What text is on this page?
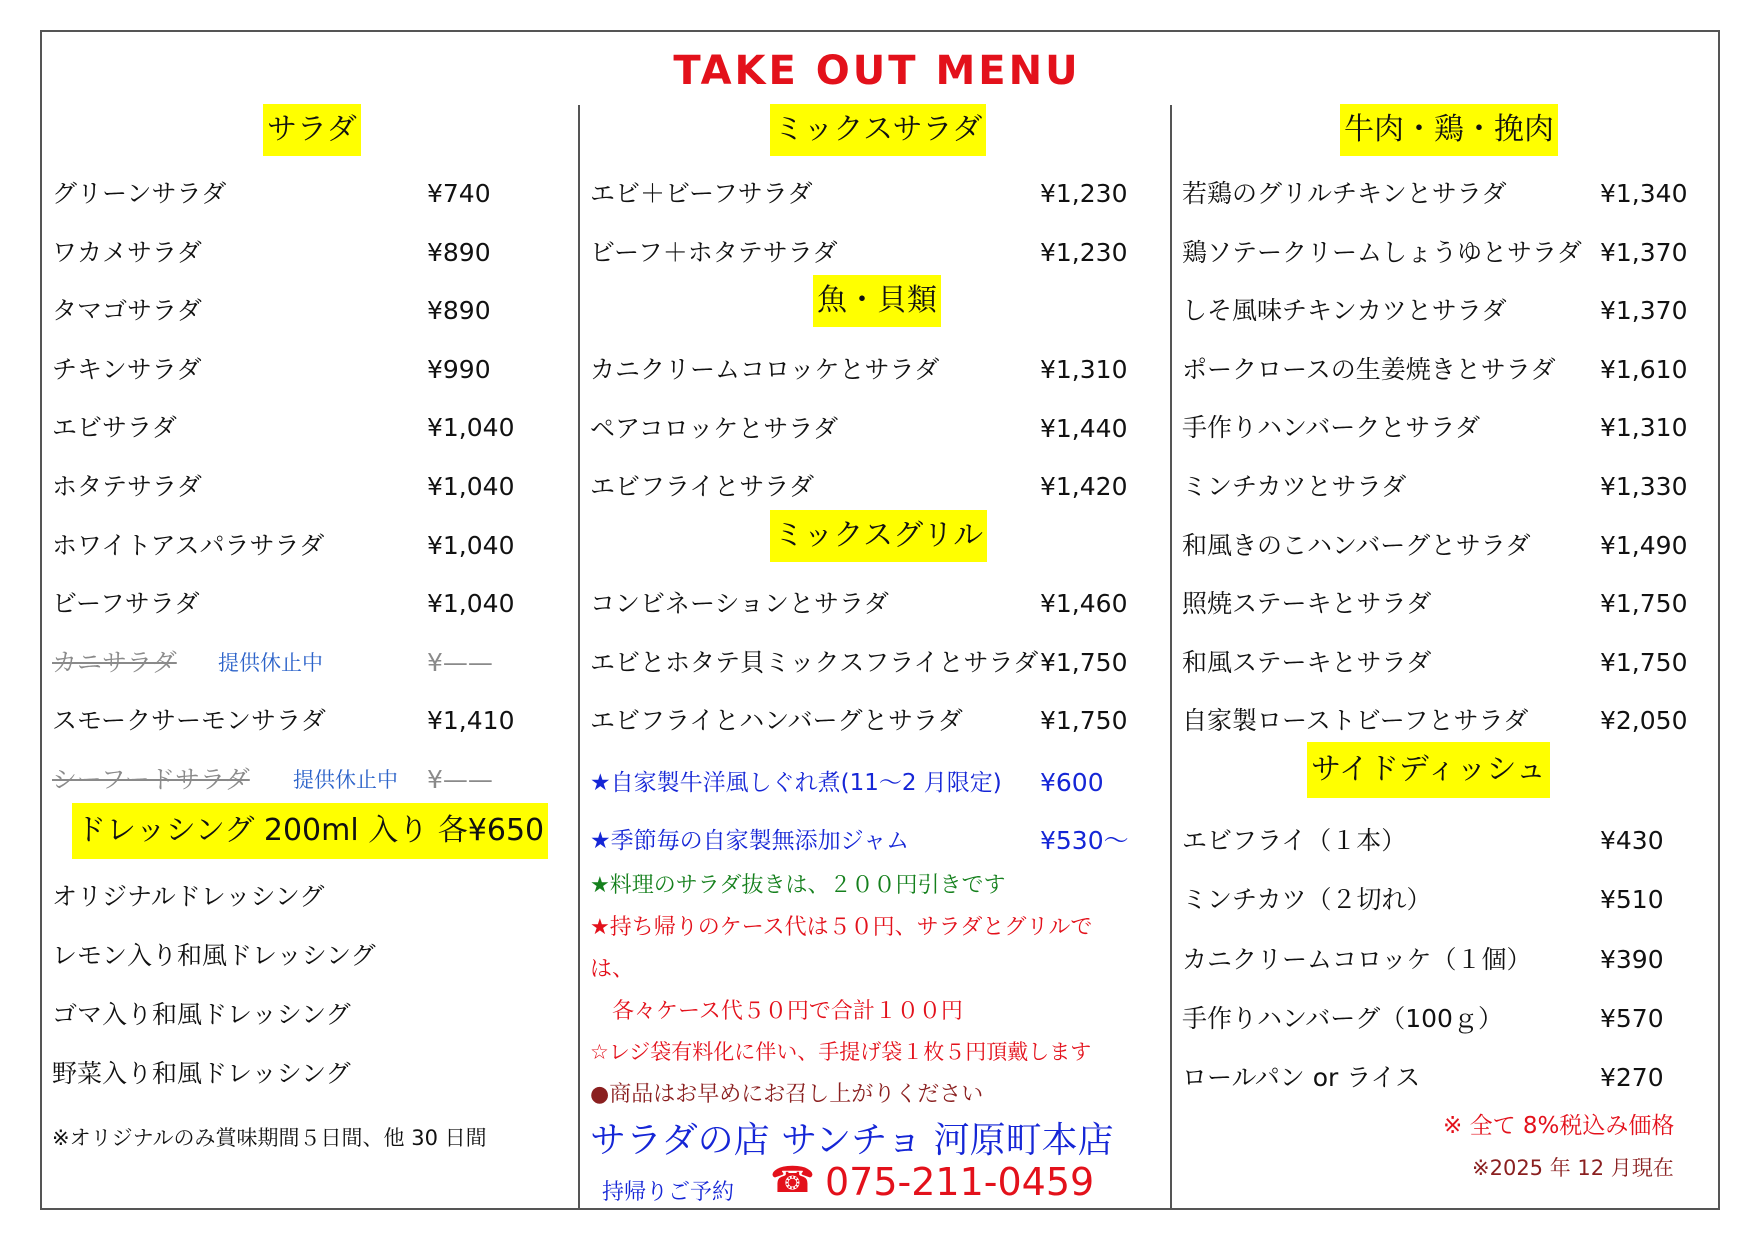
TAKE OUT MENU
サラダ
グリーンサラダ	¥740
ワカメサラダ	¥890
タマゴサラダ	¥890
チキンサラダ	¥990
エビサラダ	¥1,040
ホタテサラダ	¥1,040
ホワイトアスパラサラダ	¥1,040
ビーフサラダ	¥1,040
カニサラダ 提供休止中	¥——
スモークサーモンサラダ	¥1,410
シーフードサラダ 提供休止中 ¥——
ドレッシング 200ml 入り 各¥650
オリジナルドレッシング
レモン入り和風ドレッシング
ゴマ入り和風ドレッシング
野菜入り和風ドレッシング
※オリジナルのみ賞味期間５日間、他 30 日間
ミックスサラダ
エビ＋ビーフサラダ	¥1,230
ビーフ＋ホタテサラダ	¥1,230
魚・貝類
カニクリームコロッケとサラダ	¥1,310
ペアコロッケとサラダ	¥1,440
エビフライとサラダ	¥1,420
ミックスグリル
コンビネーションとサラダ	¥1,460
エビとホタテ貝ミックスフライとサラダ ¥1,750
エビフライとハンバーグとサラダ	¥1,750
★自家製牛洋風しぐれ煮(11～2 月限定) ¥600
★季節毎の自家製無添加ジャム	¥530～
★料理のサラダ抜きは、２００円引きです
★持ち帰りのケース代は５０円、サラダとグリルで
は、
各々ケース代５０円で合計１００円
☆レジ袋有料化に伴い、手提げ袋１枚５円頂戴します
●商品はお早めにお召し上がりください
サラダの店 サンチョ 河原町本店
持帰りご予約 ☎ 075-211-0459
牛肉・鶏・挽肉
若鶏のグリルチキンとサラダ	¥1,340
鶏ソテークリームしょうゆとサラダ ¥1,370
しそ風味チキンカツとサラダ	¥1,370
ポークロースの生姜焼きとサラダ ¥1,610
手作りハンバークとサラダ	¥1,310
ミンチカツとサラダ	¥1,330
和風きのこハンバーグとサラダ	¥1,490
照焼ステーキとサラダ	¥1,750
和風ステーキとサラダ	¥1,750
自家製ローストビーフとサラダ	¥2,050
サイドディッシュ
エビフライ（１本）	¥430
ミンチカツ（２切れ）	¥510
カニクリームコロッケ（１個）	¥390
手作りハンバーグ（100ｇ）	¥570
ロールパン or ライス	¥270
※ 全て 8%税込み価格
※2025 年 12 月現在
